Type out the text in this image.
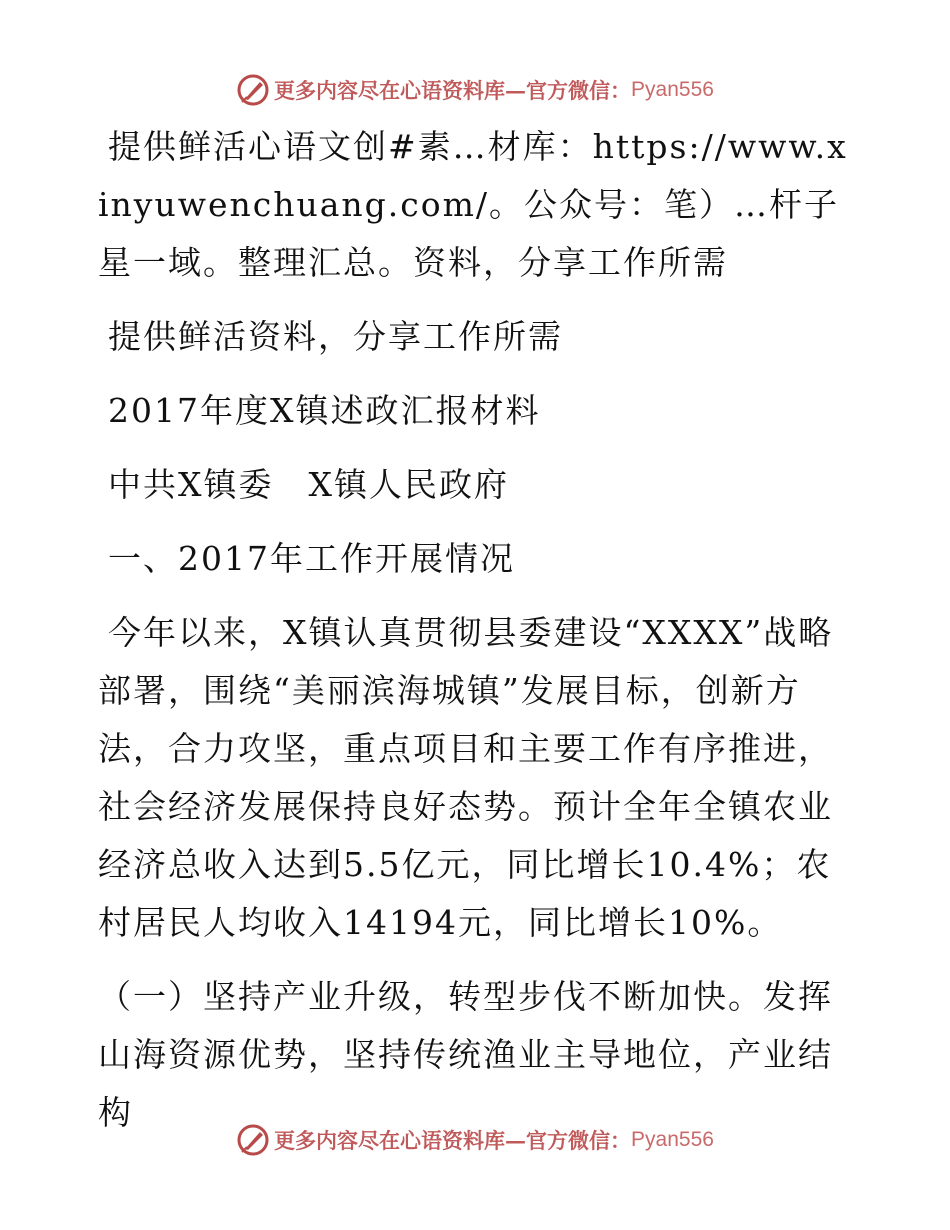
更多内容尽在心语资料库—官方微信： Pyan556

提供鲜活心语文创#素…材库：https://www.xinyuwenchuang.com/。公众号：笔）…杆子星一域。整理汇总。资料，分享工作所需

提供鲜活资料，分享工作所需

2017年度X镇述政汇报材料

中共X镇委　X镇人民政府

一、2017年工作开展情况

今年以来，X镇认真贯彻县委建设“XXXX”战略部署，围绕“美丽滨海城镇”发展目标，创新方法，合力攻坚，重点项目和主要工作有序推进，社会经济发展保持良好态势。预计全年全镇农业经济总收入达到5.5亿元，同比增长10.4%；农村居民人均收入14194元，同比增长10%。

（一）坚持产业升级，转型步伐不断加快。发挥山海资源优势，坚持传统渔业主导地位，产业结构

更多内容尽在心语资料库—官方微信： Pyan556
